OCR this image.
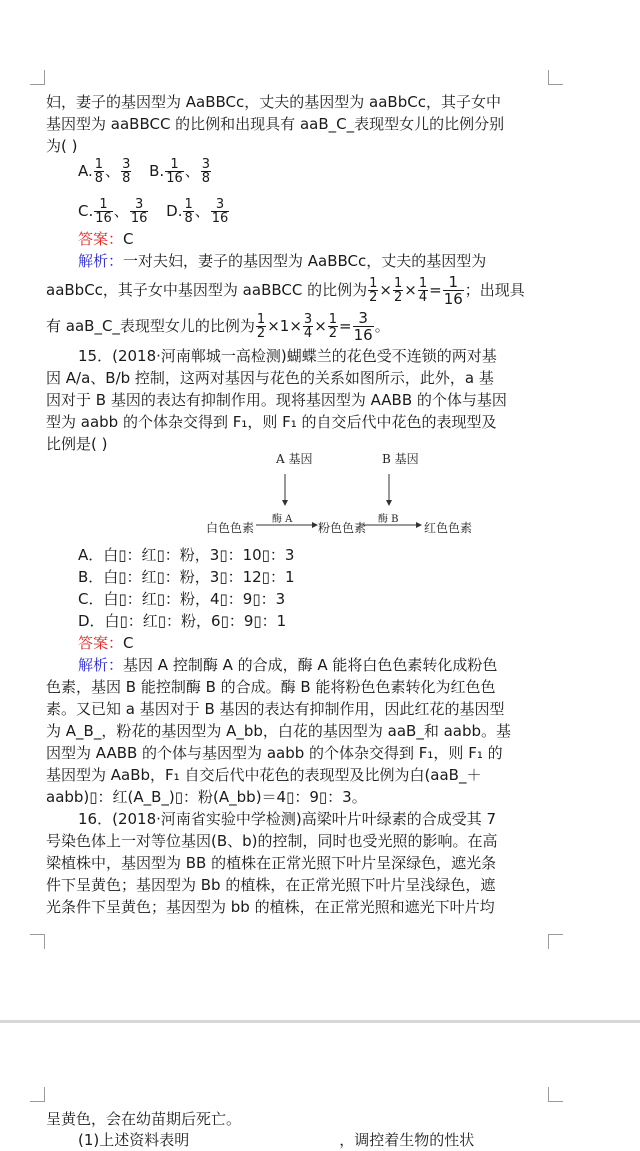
妇，妻子的基因型为 AaBBCc，丈夫的基因型为 aaBbCc，其子女中
基因型为 aaBBCC 的比例和出现具有 aaB_C_表现型女儿的比例分别
为( )
A. $\frac{1}{8}$ 、 $\frac{3}{8} B$. $\frac{1}{16}$ 、 $\frac{3}{8}$
C. $\frac{1}{16}$ 、 $\frac{3}{16} D$. $\frac{1}{8}$ 、 $\frac{3}{16}$
答案：C
解析：一对夫妇，妻子的基因型为 AaBBCc，丈夫的基因型为
aaBbCc，其子女中基因型为 aaBBCC 的比例为 $\frac{1}{2} \times \frac{1}{2} \times \frac{1}{4} = \frac{1}{16}$ ；出现具
有 aaB_C_表现型女儿的比例为 $\frac{1}{2} \times 1\times \frac{3}{4} \times \frac{1}{2} = \frac{3}{16}$ 。
15．(2018·河南郸城一高检测)蝴蝶兰的花色受不连锁的两对基
因 A/a、B/b 控制，这两对基因与花色的关系如图所示，此外，a 基
因对于 B 基因的表达有抑制作用。现将基因型为 AABB 的个体与基因
型为 aabb 的个体杂交得到 F₁，则 F₁ 的自交后代中花色的表现型及
比例是( )
A 基因	B 基因
酶 A	酶 B
白色色素	粉色色素	红色色素
A．白▯：红▯：粉，3▯：10▯：3
B．白▯：红▯：粉，3▯：12▯：1
C．白▯：红▯：粉，4▯：9▯：3
D．白▯：红▯：粉，6▯：9▯：1
答案：C
解析：基因 A 控制酶 A 的合成，酶 A 能将白色色素转化成粉色
色素，基因 B 能控制酶 B 的合成。酶 B 能将粉色色素转化为红色色
素。又已知 a 基因对于 B 基因的表达有抑制作用，因此红花的基因型
为 A_B_，粉花的基因型为 A_bb，白花的基因型为 aaB_和 aabb。基
因型为 AABB 的个体与基因型为 aabb 的个体杂交得到 F₁，则 F₁ 的
基因型为 AaBb，F₁ 自交后代中花色的表现型及比例为白(aaB_＋
aabb)▯：红(A_B_)▯：粉(A_bb)＝4▯：9▯：3。
16．(2018·河南省实验中学检测)高梁叶片叶绿素的合成受其 7
号染色体上一对等位基因(B、b)的控制，同时也受光照的影响。在高
梁植株中，基因型为 BB 的植株在正常光照下叶片呈深绿色，遮光条
件下呈黄色；基因型为 Bb 的植株，在正常光照下叶片呈浅绿色，遮
光条件下呈黄色；基因型为 bb 的植株，在正常光照和遮光下叶片均
呈黄色，会在幼苗期后死亡。
(1)上述资料表明	，调控着生物的性状
